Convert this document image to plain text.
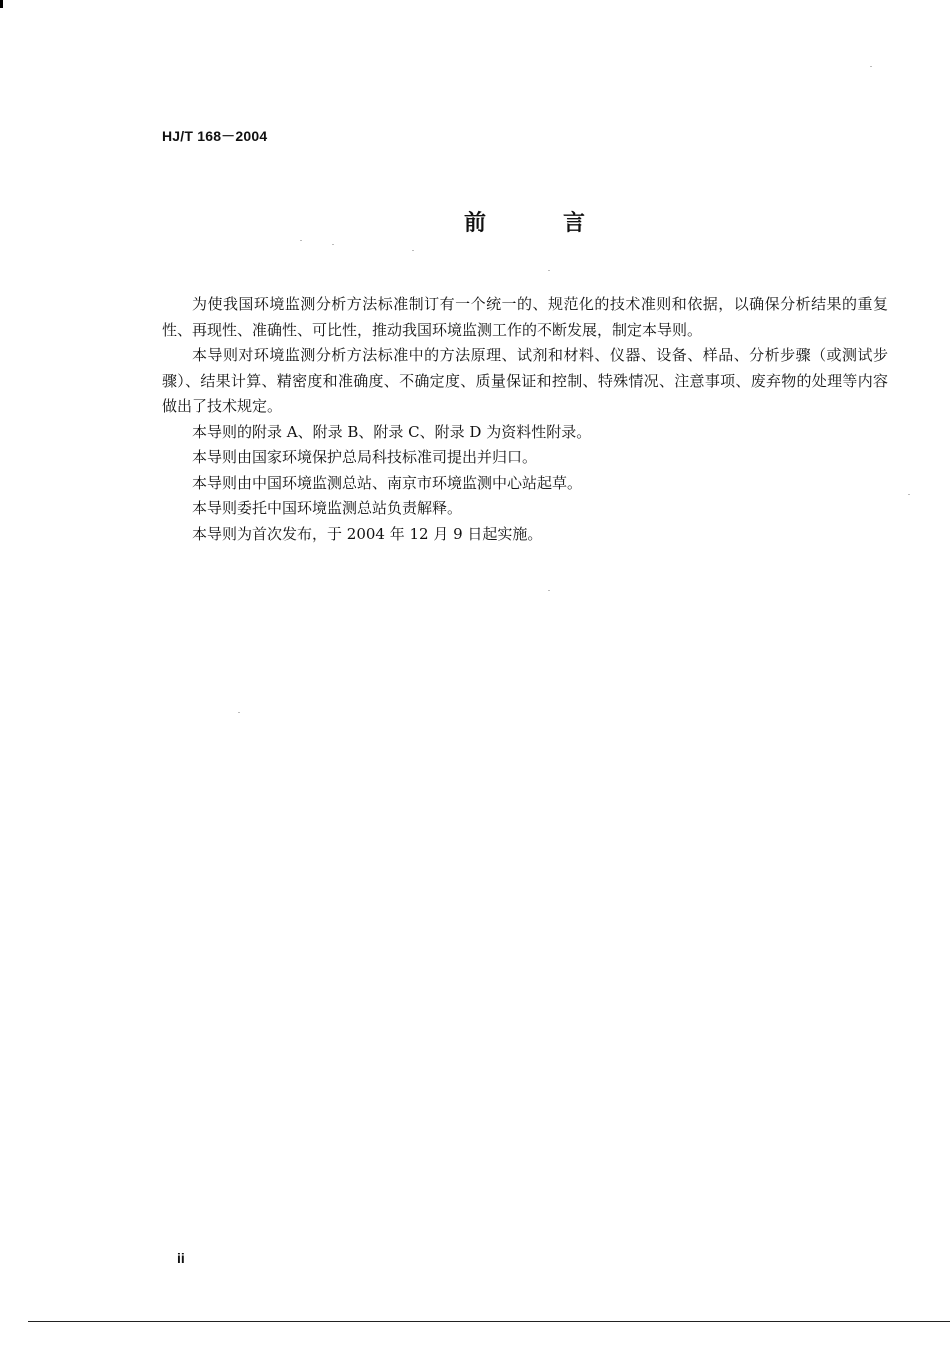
HJ/T 168－2004
前	言

为使我国环境监测分析方法标准制订有一个统一的、规范化的技术准则和依据，以确保分析结果的重复性、再现性、准确性、可比性，推动我国环境监测工作的不断发展，制定本导则。

本导则对环境监测分析方法标准中的方法原理、试剂和材料、仪器、设备、样品、分析步骤（或测试步骤）、结果计算、精密度和准确度、不确定度、质量保证和控制、特殊情况、注意事项、废弃物的处理等内容做出了技术规定。

本导则的附录 A、附录 B、附录 C、附录 D 为资料性附录。

本导则由国家环境保护总局科技标准司提出并归口。

本导则由中国环境监测总站、南京市环境监测中心站起草。

本导则委托中国环境监测总站负责解释。

本导则为首次发布，于 2004 年 12 月 9 日起实施。

ii
